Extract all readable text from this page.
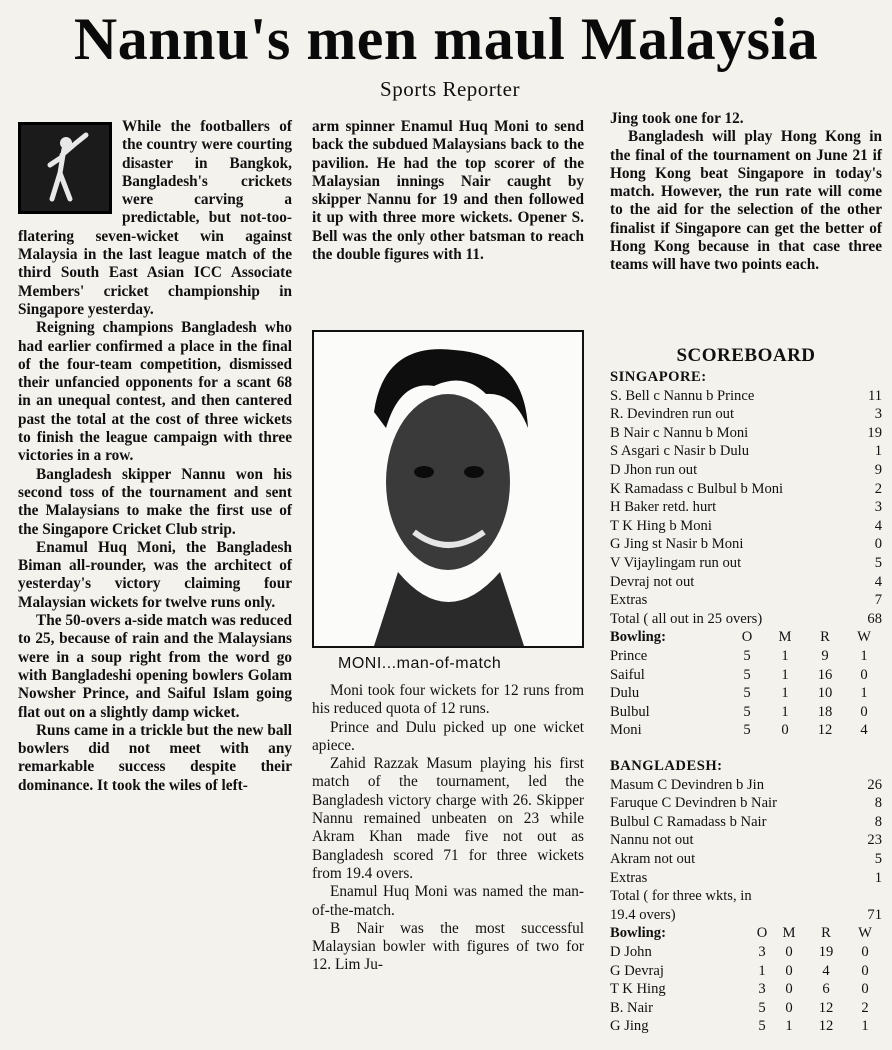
Nannu's men maul Malaysia
Sports Reporter

While the footballers of the country were courting disaster in Bangkok, Bangladesh's crickets were carving a predictable, but not-too-flatering seven-wicket win against Malaysia in the last league match of the third South East Asian ICC Associate Members' cricket championship in Singapore yesterday.

Reigning champions Bangladesh who had earlier confirmed a place in the final of the four-team competition, dismissed their unfancied opponents for a scant 68 in an unequal contest, and then cantered past the total at the cost of three wickets to finish the league campaign with three victories in a row.

Bangladesh skipper Nannu won his second toss of the tournament and sent the Malaysians to make the first use of the Singapore Cricket Club strip.

Enamul Huq Moni, the Bangladesh Biman all-rounder, was the architect of yesterday's victory claiming four Malaysian wickets for twelve runs only.

The 50-overs a-side match was reduced to 25, because of rain and the Malaysians were in a soup right from the word go with Bangladeshi opening bowlers Golam Nowsher Prince, and Saiful Islam going flat out on a slightly damp wicket.

Runs came in a trickle but the new ball bowlers did not meet with any remarkable success despite their dominance. It took the wiles of left-

arm spinner Enamul Huq Moni to send back the subdued Malaysians back to the pavilion. He had the top scorer of the Malaysian innings Nair caught by skipper Nannu for 19 and then followed it up with three more wickets. Opener S. Bell was the only other batsman to reach the double figures with 11.

MONI...man-of-match

Moni took four wickets for 12 runs from his reduced quota of 12 runs.

Prince and Dulu picked up one wicket apiece.

Zahid Razzak Masum playing his first match of the tournament, led the Bangladesh victory charge with 26. Skipper Nannu remained unbeaten on 23 while Akram Khan made five not out as Bangladesh scored 71 for three wickets from 19.4 overs.

Enamul Huq Moni was named the man-of-the-match.

B Nair was the most successful Malaysian bowler with figures of two for 12. Lim Ju-

Jing took one for 12.

Bangladesh will play Hong Kong in the final of the tournament on June 21 if Hong Kong beat Singapore in today's match. However, the run rate will come to the aid for the selection of the other finalist if Singapore can get the better of Hong Kong because in that case three teams will have two points each.

SCOREBOARD
SINGAPORE:
S. Bell c Nannu b Prince	11
R. Devindren run out	3
B Nair c Nannu b Moni	19
S Asgari c Nasir b Dulu	1
D Jhon run out	9
K Ramadass c Bulbul b Moni	2
H Baker retd. hurt	3
T K Hing b Moni	4
G Jing st Nasir b Moni	0
V Vijaylingam run out	5
Devraj not out	4
Extras	7
Total ( all out in 25 overs)	68
Bowling:	O	M	R	W
Prince	5	1	9	1
Saiful	5	1	16	0
Dulu	5	1	10	1
Bulbul	5	1	18	0
Moni	5	0	12	4
BANGLADESH:
Masum C Devindren b Jin	26
Faruque C Devindren b Nair	8
Bulbul C Ramadass b Nair	8
Nannu not out	23
Akram not out	5
Extras	1
Total ( for three wkts, in
19.4 overs)	71
Bowling:	O	M	R	W
D John	3	0	19	0
G Devraj	1	0	4	0
T K Hing	3	0	6	0
B. Nair	5	0	12	2
G Jing	5	1	12	1
